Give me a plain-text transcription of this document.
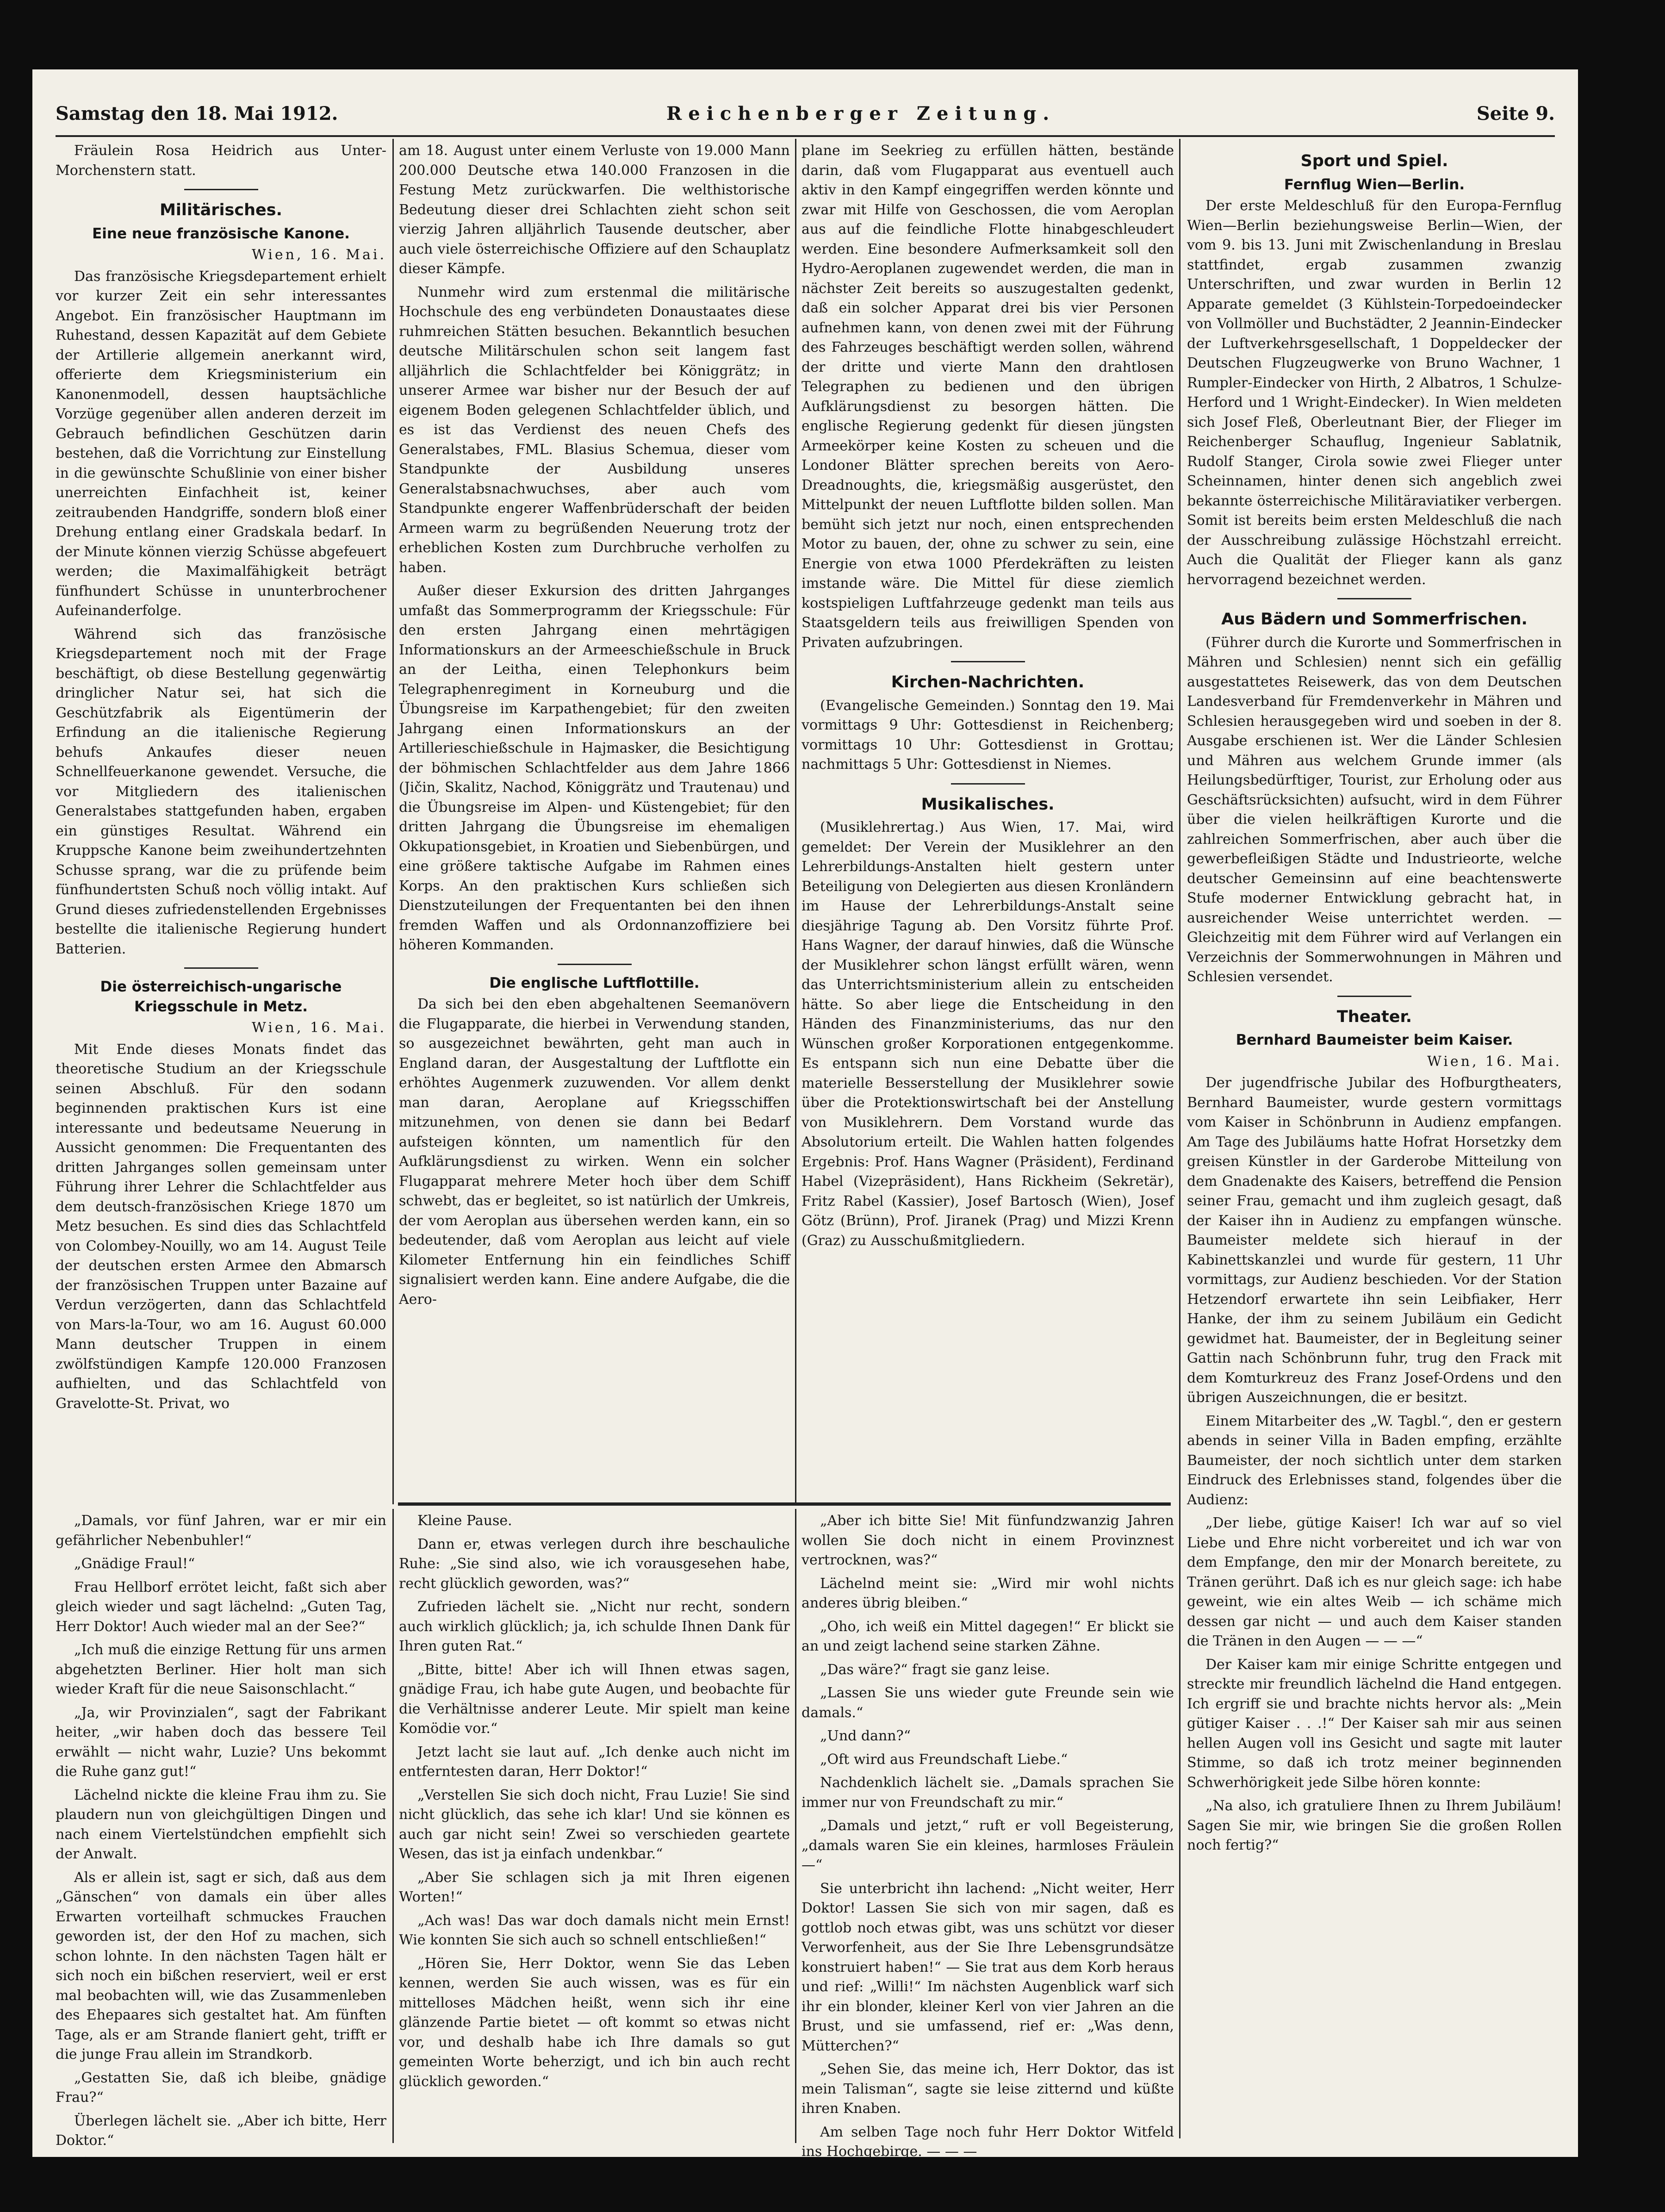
Samstag den 18. Mai 1912.	Reichenberger Zeitung.	Seite 9.

Fräulein Rosa Heidrich aus Unter-Morchenstern statt.

Militärisches.
Eine neue französische Kanone.

Wien, 16. Mai.

Das französische Kriegsdepartement erhielt vor kurzer Zeit ein sehr interessantes Angebot. Ein französischer Hauptmann im Ruhestand, dessen Kapazität auf dem Gebiete der Artillerie allgemein anerkannt wird, offerierte dem Kriegsministerium ein Kanonenmodell, dessen hauptsächliche Vorzüge gegenüber allen anderen derzeit im Gebrauch befindlichen Geschützen darin bestehen, daß die Vorrichtung zur Einstellung in die gewünschte Schußlinie von einer bisher unerreichten Einfachheit ist, keiner zeitraubenden Handgriffe, sondern bloß einer Drehung entlang einer Gradskala bedarf. In der Minute können vierzig Schüsse abgefeuert werden; die Maximalfähigkeit beträgt fünfhundert Schüsse in ununterbrochener Aufeinanderfolge.

Während sich das französische Kriegsdepartement noch mit der Frage beschäftigt, ob diese Bestellung gegenwärtig dringlicher Natur sei, hat sich die Geschützfabrik als Eigentümerin der Erfindung an die italienische Regierung behufs Ankaufes dieser neuen Schnellfeuerkanone gewendet. Versuche, die vor Mitgliedern des italienischen Generalstabes stattgefunden haben, ergaben ein günstiges Resultat. Während ein Kruppsche Kanone beim zweihundertzehnten Schusse sprang, war die zu prüfende beim fünfhundertsten Schuß noch völlig intakt. Auf Grund dieses zufriedenstellenden Ergebnisses bestellte die italienische Regierung hundert Batterien.

Die österreichisch-ungarische Kriegsschule in Metz.

Wien, 16. Mai.

Mit Ende dieses Monats findet das theoretische Studium an der Kriegsschule seinen Abschluß. Für den sodann beginnenden praktischen Kurs ist eine interessante und bedeutsame Neuerung in Aussicht genommen: Die Frequentanten des dritten Jahrganges sollen gemeinsam unter Führung ihrer Lehrer die Schlachtfelder aus dem deutsch-französischen Kriege 1870 um Metz besuchen. Es sind dies das Schlachtfeld von Colombey-Nouilly, wo am 14. August Teile der deutschen ersten Armee den Abmarsch der französischen Truppen unter Bazaine auf Verdun verzögerten, dann das Schlachtfeld von Mars-la-Tour, wo am 16. August 60.000 Mann deutscher Truppen in einem zwölfstündigen Kampfe 120.000 Franzosen aufhielten, und das Schlachtfeld von Gravelotte-St. Privat, wo

am 18. August unter einem Verluste von 19.000 Mann 200.000 Deutsche etwa 140.000 Franzosen in die Festung Metz zurückwarfen. Die welthistorische Bedeutung dieser drei Schlachten zieht schon seit vierzig Jahren alljährlich Tausende deutscher, aber auch viele österreichische Offiziere auf den Schauplatz dieser Kämpfe.

Nunmehr wird zum erstenmal die militärische Hochschule des eng verbündeten Donaustaates diese ruhmreichen Stätten besuchen. Bekanntlich besuchen deutsche Militärschulen schon seit langem fast alljährlich die Schlachtfelder bei Königgrätz; in unserer Armee war bisher nur der Besuch der auf eigenem Boden gelegenen Schlachtfelder üblich, und es ist das Verdienst des neuen Chefs des Generalstabes, FML. Blasius Schemua, dieser vom Standpunkte der Ausbildung unseres Generalstabsnachwuchses, aber auch vom Standpunkte engerer Waffenbrüderschaft der beiden Armeen warm zu begrüßenden Neuerung trotz der erheblichen Kosten zum Durchbruche verholfen zu haben.

Außer dieser Exkursion des dritten Jahrganges umfaßt das Sommerprogramm der Kriegsschule: Für den ersten Jahrgang einen mehrtägigen Informationskurs an der Armeeschießschule in Bruck an der Leitha, einen Telephonkurs beim Telegraphenregiment in Korneuburg und die Übungsreise im Karpathengebiet; für den zweiten Jahrgang einen Informationskurs an der Artillerieschießschule in Hajmasker, die Besichtigung der böhmischen Schlachtfelder aus dem Jahre 1866 (Jičin, Skalitz, Nachod, Königgrätz und Trautenau) und die Übungsreise im Alpen- und Küstengebiet; für den dritten Jahrgang die Übungsreise im ehemaligen Okkupationsgebiet, in Kroatien und Siebenbürgen, und eine größere taktische Aufgabe im Rahmen eines Korps. An den praktischen Kurs schließen sich Dienstzuteilungen der Frequentanten bei den ihnen fremden Waffen und als Ordonnanzoffiziere bei höheren Kommanden.

Die englische Luftflottille.

Da sich bei den eben abgehaltenen Seemanövern die Flugapparate, die hierbei in Verwendung standen, so ausgezeichnet bewährten, geht man auch in England daran, der Ausgestaltung der Luftflotte ein erhöhtes Augenmerk zuzuwenden. Vor allem denkt man daran, Aeroplane auf Kriegsschiffen mitzunehmen, von denen sie dann bei Bedarf aufsteigen könnten, um namentlich für den Aufklärungsdienst zu wirken. Wenn ein solcher Flugapparat mehrere Meter hoch über dem Schiff schwebt, das er begleitet, so ist natürlich der Umkreis, der vom Aeroplan aus übersehen werden kann, ein so bedeutender, daß vom Aeroplan aus leicht auf viele Kilometer Entfernung hin ein feindliches Schiff signalisiert werden kann. Eine andere Aufgabe, die die Aero-

plane im Seekrieg zu erfüllen hätten, bestände darin, daß vom Flugapparat aus eventuell auch aktiv in den Kampf eingegriffen werden könnte und zwar mit Hilfe von Geschossen, die vom Aeroplan aus auf die feindliche Flotte hinabgeschleudert werden. Eine besondere Aufmerksamkeit soll den Hydro-Aeroplanen zugewendet werden, die man in nächster Zeit bereits so auszugestalten gedenkt, daß ein solcher Apparat drei bis vier Personen aufnehmen kann, von denen zwei mit der Führung des Fahrzeuges beschäftigt werden sollen, während der dritte und vierte Mann den drahtlosen Telegraphen zu bedienen und den übrigen Aufklärungsdienst zu besorgen hätten. Die englische Regierung gedenkt für diesen jüngsten Armeekörper keine Kosten zu scheuen und die Londoner Blätter sprechen bereits von Aero-Dreadnoughts, die, kriegsmäßig ausgerüstet, den Mittelpunkt der neuen Luftflotte bilden sollen. Man bemüht sich jetzt nur noch, einen entsprechenden Motor zu bauen, der, ohne zu schwer zu sein, eine Energie von etwa 1000 Pferdekräften zu leisten imstande wäre. Die Mittel für diese ziemlich kostspieligen Luftfahrzeuge gedenkt man teils aus Staatsgeldern teils aus freiwilligen Spenden von Privaten aufzubringen.

Kirchen-Nachrichten.

(Evangelische Gemeinden.) Sonntag den 19. Mai vormittags 9 Uhr: Gottesdienst in Reichenberg; vormittags 10 Uhr: Gottesdienst in Grottau; nachmittags 5 Uhr: Gottesdienst in Niemes.

Musikalisches.

(Musiklehrertag.) Aus Wien, 17. Mai, wird gemeldet: Der Verein der Musiklehrer an den Lehrerbildungs-Anstalten hielt gestern unter Beteiligung von Delegierten aus diesen Kronländern im Hause der Lehrerbildungs-Anstalt seine diesjährige Tagung ab. Den Vorsitz führte Prof. Hans Wagner, der darauf hinwies, daß die Wünsche der Musiklehrer schon längst erfüllt wären, wenn das Unterrichtsministerium allein zu entscheiden hätte. So aber liege die Entscheidung in den Händen des Finanzministeriums, das nur den Wünschen großer Korporationen entgegenkomme. Es entspann sich nun eine Debatte über die materielle Besserstellung der Musiklehrer sowie über die Protektionswirtschaft bei der Anstellung von Musiklehrern. Dem Vorstand wurde das Absolutorium erteilt. Die Wahlen hatten folgendes Ergebnis: Prof. Hans Wagner (Präsident), Ferdinand Habel (Vizepräsident), Hans Rickheim (Sekretär), Fritz Rabel (Kassier), Josef Bartosch (Wien), Josef Götz (Brünn), Prof. Jiranek (Prag) und Mizzi Krenn (Graz) zu Ausschußmitgliedern.

Sport und Spiel.
Fernflug Wien—Berlin.

Der erste Meldeschluß für den Europa-Fernflug Wien—Berlin beziehungsweise Berlin—Wien, der vom 9. bis 13. Juni mit Zwischenlandung in Breslau stattfindet, ergab zusammen zwanzig Unterschriften, und zwar wurden in Berlin 12 Apparate gemeldet (3 Kühlstein-Torpedoeindecker von Vollmöller und Buchstädter, 2 Jeannin-Eindecker der Luftverkehrsgesellschaft, 1 Doppeldecker der Deutschen Flugzeugwerke von Bruno Wachner, 1 Rumpler-Eindecker von Hirth, 2 Albatros, 1 Schulze-Herford und 1 Wright-Eindecker). In Wien meldeten sich Josef Fleß, Oberleutnant Bier, der Flieger im Reichenberger Schauflug, Ingenieur Sablatnik, Rudolf Stanger, Cirola sowie zwei Flieger unter Scheinnamen, hinter denen sich angeblich zwei bekannte österreichische Militäraviatiker verbergen. Somit ist bereits beim ersten Meldeschluß die nach der Ausschreibung zulässige Höchstzahl erreicht. Auch die Qualität der Flieger kann als ganz hervorragend bezeichnet werden.

Aus Bädern und Sommerfrischen.

(Führer durch die Kurorte und Sommerfrischen in Mähren und Schlesien) nennt sich ein gefällig ausgestattetes Reisewerk, das von dem Deutschen Landesverband für Fremdenverkehr in Mähren und Schlesien herausgegeben wird und soeben in der 8. Ausgabe erschienen ist. Wer die Länder Schlesien und Mähren aus welchem Grunde immer (als Heilungsbedürftiger, Tourist, zur Erholung oder aus Geschäftsrücksichten) aufsucht, wird in dem Führer über die vielen heilkräftigen Kurorte und die zahlreichen Sommerfrischen, aber auch über die gewerbefleißigen Städte und Industrieorte, welche deutscher Gemeinsinn auf eine beachtenswerte Stufe moderner Entwicklung gebracht hat, in ausreichender Weise unterrichtet werden. — Gleichzeitig mit dem Führer wird auf Verlangen ein Verzeichnis der Sommerwohnungen in Mähren und Schlesien versendet.

Theater.
Bernhard Baumeister beim Kaiser.

Wien, 16. Mai.

Der jugendfrische Jubilar des Hofburgtheaters, Bernhard Baumeister, wurde gestern vormittags vom Kaiser in Schönbrunn in Audienz empfangen. Am Tage des Jubiläums hatte Hofrat Horsetzky dem greisen Künstler in der Garderobe Mitteilung von dem Gnadenakte des Kaisers, betreffend die Pension seiner Frau, gemacht und ihm zugleich gesagt, daß der Kaiser ihn in Audienz zu empfangen wünsche. Baumeister meldete sich hierauf in der Kabinettskanzlei und wurde für gestern, 11 Uhr vormittags, zur Audienz beschieden. Vor der Station Hetzendorf erwartete ihn sein Leibfiaker, Herr Hanke, der ihm zu seinem Jubiläum ein Gedicht gewidmet hat. Baumeister, der in Begleitung seiner Gattin nach Schönbrunn fuhr, trug den Frack mit dem Komturkreuz des Franz Josef-Ordens und den übrigen Auszeichnungen, die er besitzt.

Einem Mitarbeiter des „W. Tagbl.“, den er gestern abends in seiner Villa in Baden empfing, erzählte Baumeister, der noch sichtlich unter dem starken Eindruck des Erlebnisses stand, folgendes über die Audienz:

„Der liebe, gütige Kaiser! Ich war auf so viel Liebe und Ehre nicht vorbereitet und ich war von dem Empfange, den mir der Monarch bereitete, zu Tränen gerührt. Daß ich es nur gleich sage: ich habe geweint, wie ein altes Weib — ich schäme mich dessen gar nicht — und auch dem Kaiser standen die Tränen in den Augen — — —“

Der Kaiser kam mir einige Schritte entgegen und streckte mir freundlich lächelnd die Hand entgegen. Ich ergriff sie und brachte nichts hervor als: „Mein gütiger Kaiser . . .!“ Der Kaiser sah mir aus seinen hellen Augen voll ins Gesicht und sagte mit lauter Stimme, so daß ich trotz meiner beginnenden Schwerhörigkeit jede Silbe hören konnte:

„Na also, ich gratuliere Ihnen zu Ihrem Jubiläum! Sagen Sie mir, wie bringen Sie die großen Rollen noch fertig?“

„Damals, vor fünf Jahren, war er mir ein gefährlicher Nebenbuhler!“

„Gnädige Fraul!“

Frau Hellborf errötet leicht, faßt sich aber gleich wieder und sagt lächelnd: „Guten Tag, Herr Doktor! Auch wieder mal an der See?“

„Ich muß die einzige Rettung für uns armen abgehetzten Berliner. Hier holt man sich wieder Kraft für die neue Saisonschlacht.“

„Ja, wir Provinzialen“, sagt der Fabrikant heiter, „wir haben doch das bessere Teil erwählt — nicht wahr, Luzie? Uns bekommt die Ruhe ganz gut!“

Lächelnd nickte die kleine Frau ihm zu. Sie plaudern nun von gleichgültigen Dingen und nach einem Viertelstündchen empfiehlt sich der Anwalt.

Als er allein ist, sagt er sich, daß aus dem „Gänschen“ von damals ein über alles Erwarten vorteilhaft schmuckes Frauchen geworden ist, der den Hof zu machen, sich schon lohnte. In den nächsten Tagen hält er sich noch ein bißchen reserviert, weil er erst mal beobachten will, wie das Zusammenleben des Ehepaares sich gestaltet hat. Am fünften Tage, als er am Strande flaniert geht, trifft er die junge Frau allein im Strandkorb.

„Gestatten Sie, daß ich bleibe, gnädige Frau?“

Überlegen lächelt sie. „Aber ich bitte, Herr Doktor.“

Kleine Pause.

Dann er, etwas verlegen durch ihre beschauliche Ruhe: „Sie sind also, wie ich vorausgesehen habe, recht glücklich geworden, was?“

Zufrieden lächelt sie. „Nicht nur recht, sondern auch wirklich glücklich; ja, ich schulde Ihnen Dank für Ihren guten Rat.“

„Bitte, bitte! Aber ich will Ihnen etwas sagen, gnädige Frau, ich habe gute Augen, und beobachte für die Verhältnisse anderer Leute. Mir spielt man keine Komödie vor.“

Jetzt lacht sie laut auf. „Ich denke auch nicht im entferntesten daran, Herr Doktor!“

„Verstellen Sie sich doch nicht, Frau Luzie! Sie sind nicht glücklich, das sehe ich klar! Und sie können es auch gar nicht sein! Zwei so verschieden geartete Wesen, das ist ja einfach undenkbar.“

„Aber Sie schlagen sich ja mit Ihren eigenen Worten!“

„Ach was! Das war doch damals nicht mein Ernst! Wie konnten Sie sich auch so schnell entschließen!“

„Hören Sie, Herr Doktor, wenn Sie das Leben kennen, werden Sie auch wissen, was es für ein mittelloses Mädchen heißt, wenn sich ihr eine glänzende Partie bietet — oft kommt so etwas nicht vor, und deshalb habe ich Ihre damals so gut gemeinten Worte beherzigt, und ich bin auch recht glücklich geworden.“

„Aber ich bitte Sie! Mit fünfundzwanzig Jahren wollen Sie doch nicht in einem Provinznest vertrocknen, was?“

Lächelnd meint sie: „Wird mir wohl nichts anderes übrig bleiben.“

„Oho, ich weiß ein Mittel dagegen!“ Er blickt sie an und zeigt lachend seine starken Zähne.

„Das wäre?“ fragt sie ganz leise.

„Lassen Sie uns wieder gute Freunde sein wie damals.“

„Und dann?“

„Oft wird aus Freundschaft Liebe.“

Nachdenklich lächelt sie. „Damals sprachen Sie immer nur von Freundschaft zu mir.“

„Damals und jetzt,“ ruft er voll Begeisterung, „damals waren Sie ein kleines, harmloses Fräulein —“

Sie unterbricht ihn lachend: „Nicht weiter, Herr Doktor! Lassen Sie sich von mir sagen, daß es gottlob noch etwas gibt, was uns schützt vor dieser Verworfenheit, aus der Sie Ihre Lebensgrundsätze konstruiert haben!“ — Sie trat aus dem Korb heraus und rief: „Willi!“ Im nächsten Augenblick warf sich ihr ein blonder, kleiner Kerl von vier Jahren an die Brust, und sie umfassend, rief er: „Was denn, Mütterchen?“

„Sehen Sie, das meine ich, Herr Doktor, das ist mein Talisman“, sagte sie leise zitternd und küßte ihren Knaben.

Am selben Tage noch fuhr Herr Doktor Witfeld ins Hochgebirge. — — —
